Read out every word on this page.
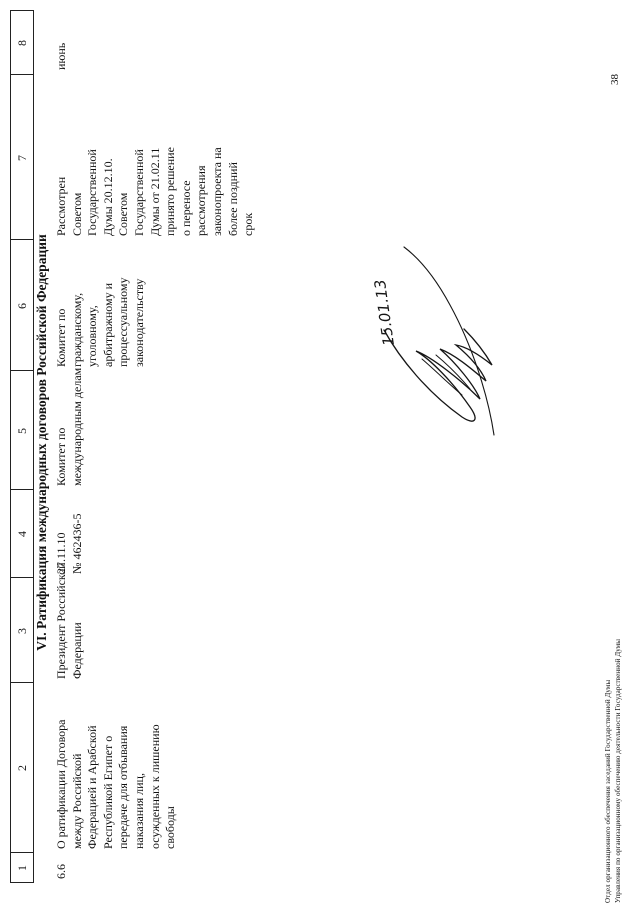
1
2
3
4
5
6
7
8
VI. Ратификация международных договоров Российской Федерации
6.6
О ратификации Договора между Российской Федерацией и Арабской Республикой Египет о передаче для отбывания наказания лиц, осужденных к лишению свободы
Президент Российской Федерации
27.11.10 № 462436-5
Комитет по международным делам
Комитет по гражданскому, уголовному, арбитражному и процессуальному законодательству
Рассмотрен Советом Государственной Думы 20.12.10. Советом Государственной Думы от 21.02.11 принято решение о переносе рассмотрения законопроекта на более поздний срок
июнь
15.01.13
Отдел организационного обеспечения заседаний Государственной Думы Управления по организационному обеспечению деятельности Государственной Думы
38
